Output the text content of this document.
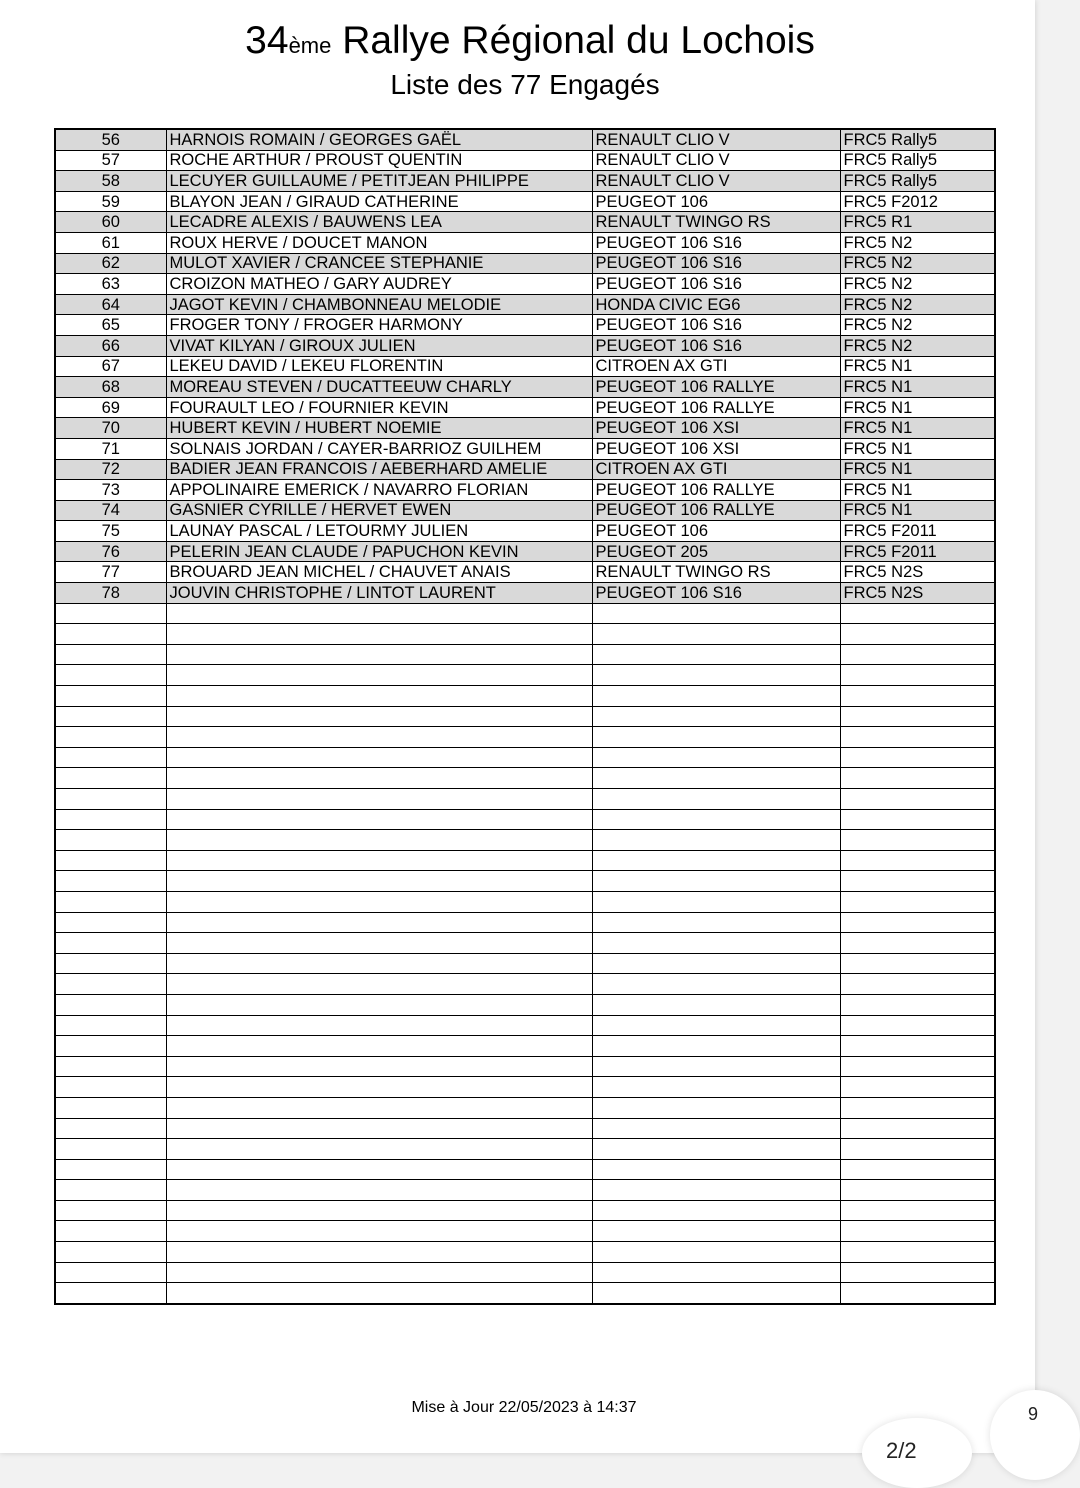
34ème Rallye Régional du Lochois
Liste des 77 Engagés
56	HARNOIS ROMAIN / GEORGES GAËL	RENAULT CLIO V	FRC5 Rally5
57	ROCHE ARTHUR / PROUST QUENTIN	RENAULT CLIO V	FRC5 Rally5
58	LECUYER GUILLAUME / PETITJEAN PHILIPPE	RENAULT CLIO V	FRC5 Rally5
59	BLAYON JEAN / GIRAUD CATHERINE	PEUGEOT 106	FRC5 F2012
60	LECADRE ALEXIS / BAUWENS LEA	RENAULT TWINGO RS	FRC5 R1
61	ROUX HERVE / DOUCET MANON	PEUGEOT 106 S16	FRC5 N2
62	MULOT XAVIER / CRANCEE STEPHANIE	PEUGEOT 106 S16	FRC5 N2
63	CROIZON MATHEO / GARY AUDREY	PEUGEOT 106 S16	FRC5 N2
64	JAGOT KEVIN / CHAMBONNEAU MELODIE	HONDA CIVIC EG6	FRC5 N2
65	FROGER TONY / FROGER HARMONY	PEUGEOT 106 S16	FRC5 N2
66	VIVAT KILYAN / GIROUX JULIEN	PEUGEOT 106 S16	FRC5 N2
67	LEKEU DAVID / LEKEU FLORENTIN	CITROEN AX GTI	FRC5 N1
68	MOREAU STEVEN / DUCATTEEUW CHARLY	PEUGEOT 106 RALLYE	FRC5 N1
69	FOURAULT LEO / FOURNIER KEVIN	PEUGEOT 106 RALLYE	FRC5 N1
70	HUBERT KEVIN / HUBERT NOEMIE	PEUGEOT 106 XSI	FRC5 N1
71	SOLNAIS JORDAN / CAYER-BARRIOZ GUILHEM	PEUGEOT 106 XSI	FRC5 N1
72	BADIER JEAN FRANCOIS / AEBERHARD AMELIE	CITROEN AX GTI	FRC5 N1
73	APPOLINAIRE EMERICK / NAVARRO FLORIAN	PEUGEOT 106 RALLYE	FRC5 N1
74	GASNIER CYRILLE / HERVET EWEN	PEUGEOT 106 RALLYE	FRC5 N1
75	LAUNAY PASCAL / LETOURMY JULIEN	PEUGEOT 106	FRC5 F2011
76	PELERIN JEAN CLAUDE / PAPUCHON KEVIN	PEUGEOT 205	FRC5 F2011
77	BROUARD JEAN MICHEL / CHAUVET ANAIS	RENAULT TWINGO RS	FRC5 N2S
78	JOUVIN CHRISTOPHE / LINTOT LAURENT	PEUGEOT 106 S16	FRC5 N2S

Mise à Jour 22/05/2023 à 14:37
2/2
9
